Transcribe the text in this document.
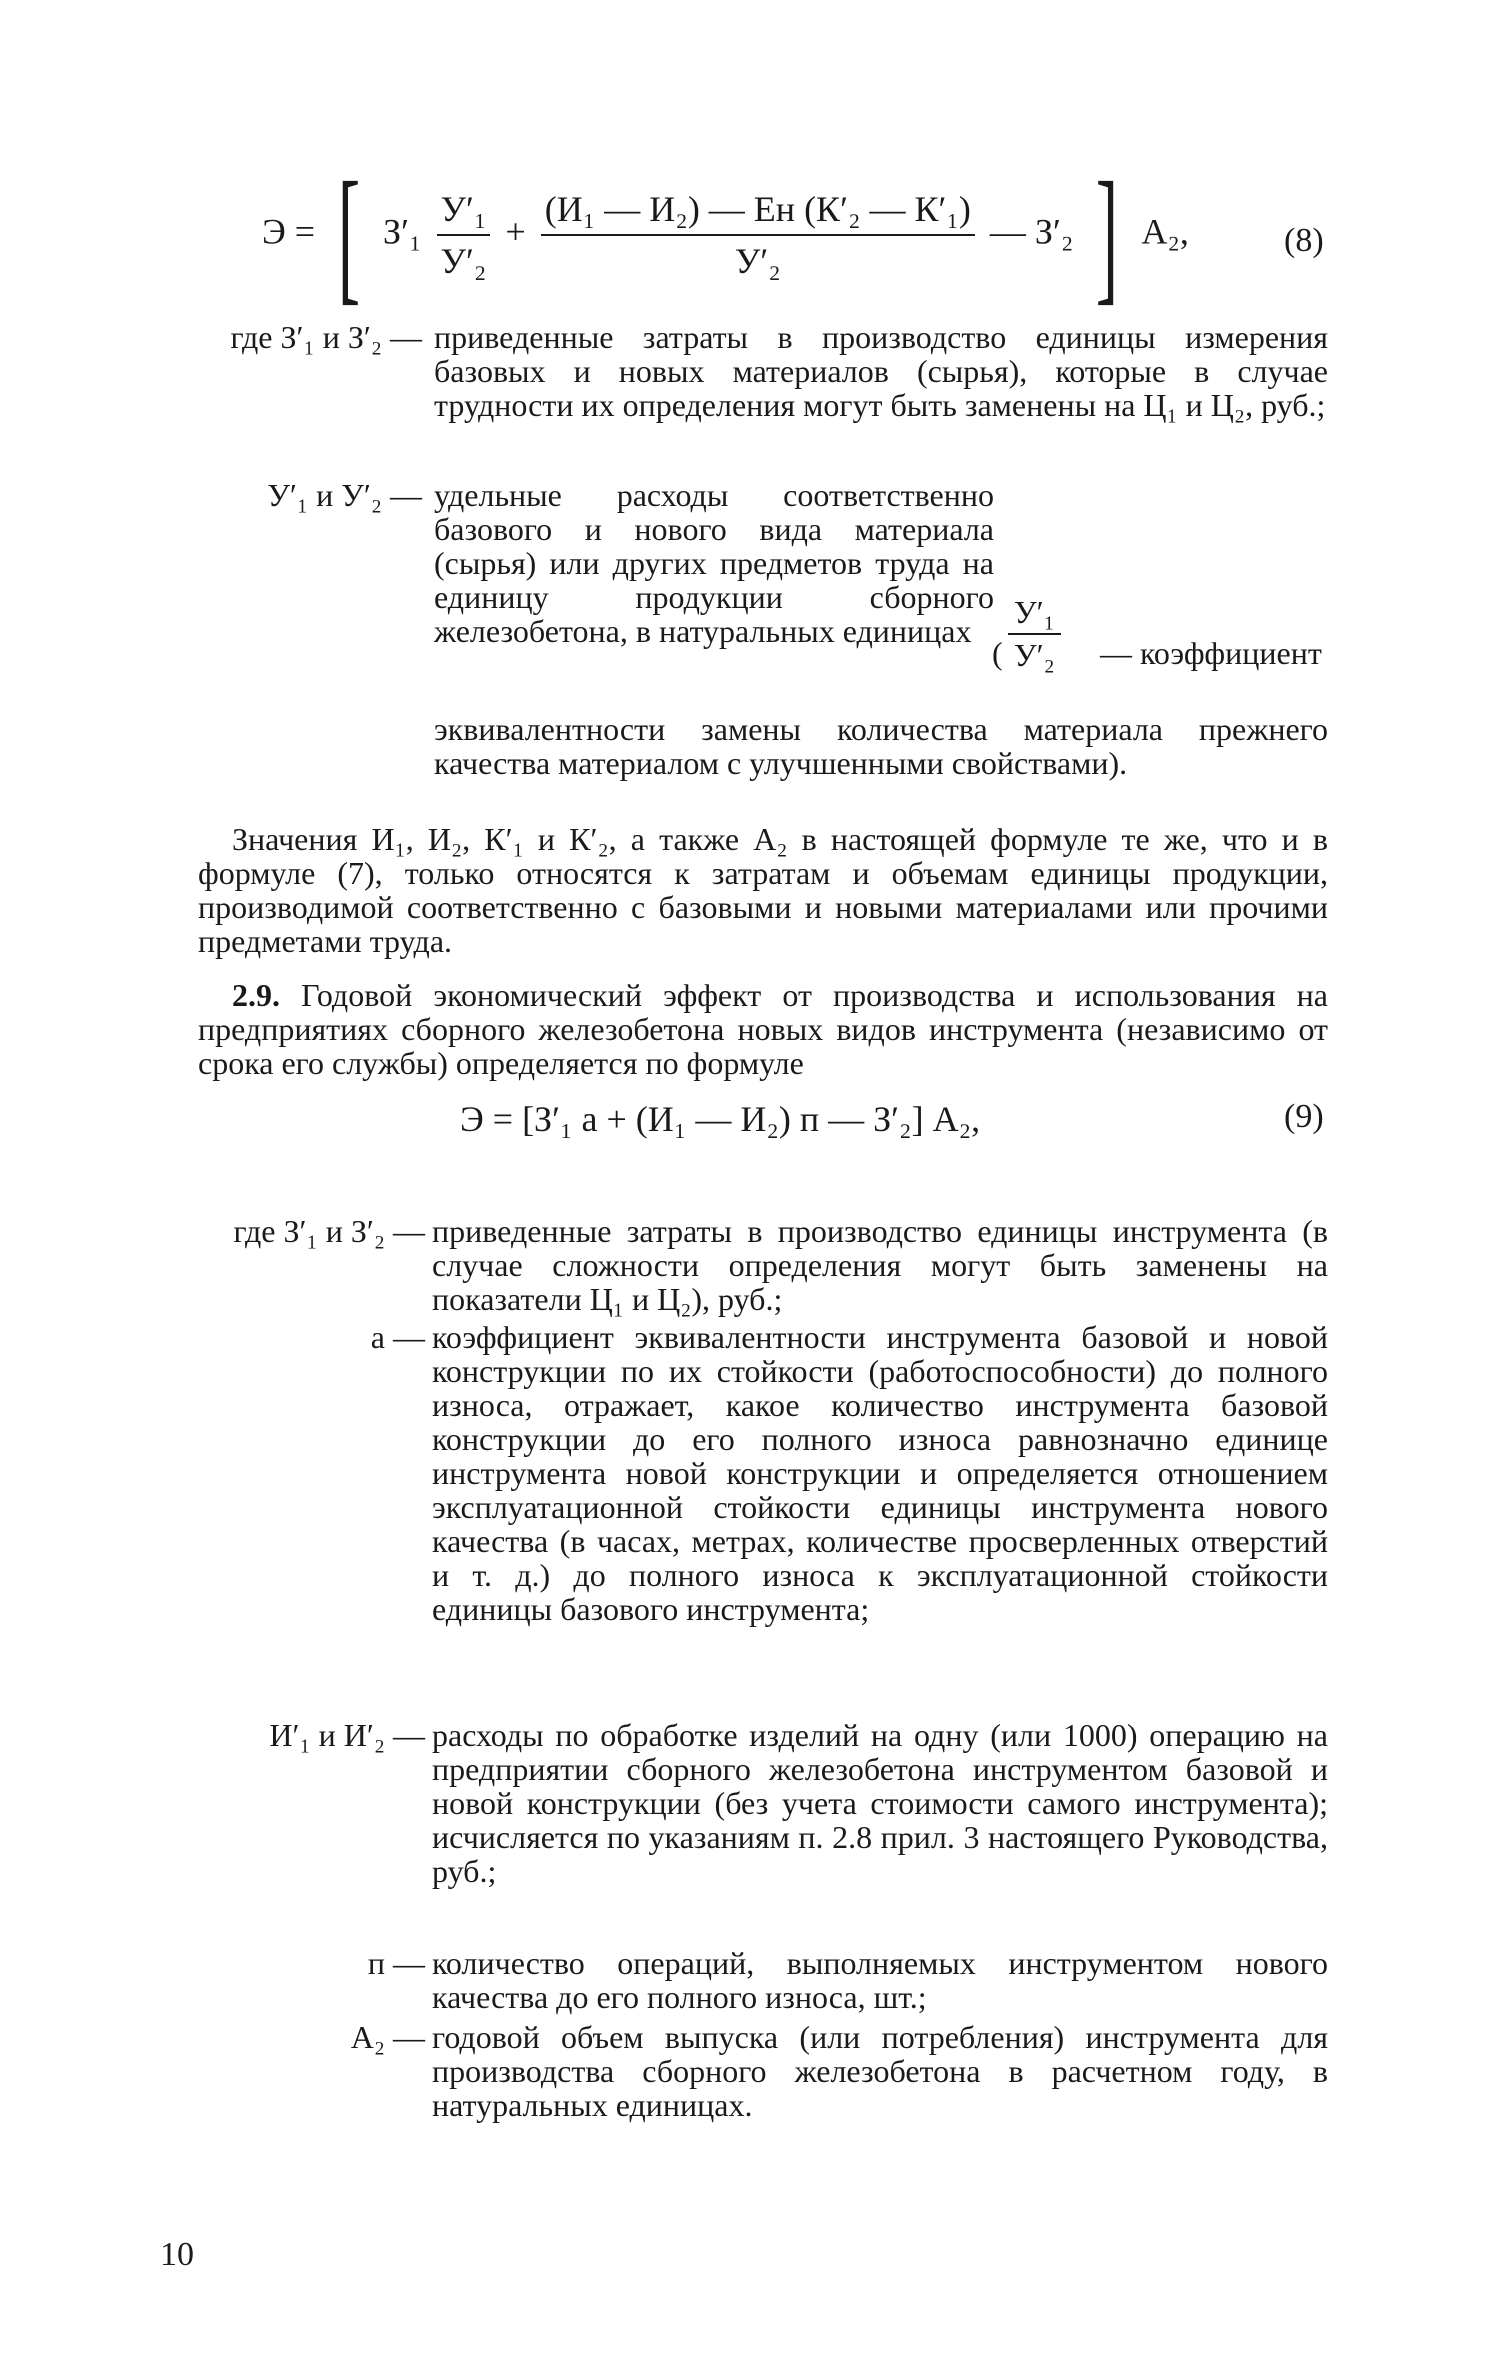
Э = [ $З'_1 \frac{\text{У′₁}}{\text{У′₂}} + \frac{\text{(И₁ — И₂) — Eн (К′₂ — К′₁)}}{\text{У′₂}}$ — З′₂ ] А₂,	(8)
где З′₁ и З′₂ — приведенные затраты в производство единицы измерения базовых и новых материалов (сырья), которые в случае трудности их определения могут быть заменены на Ц₁ и Ц₂, руб.;
У′₁ и У′₂ — удельные расходы соответственно базового и нового вида материала (сырья) или других предметов труда на единицу продукции сборного железобетона, в натуральных единицах
(
У′₁
У′₂ — коэффициент
эквивалентности замены количества материала прежнего качества материалом с улучшенными свойствами).
Значения И₁, И₂, К′₁ и К′₂, а также А₂ в настоящей формуле те же, что и в формуле (7), только относятся к затратам и объемам единицы продукции, производимой соответственно с базовыми и новыми материалами или прочими предметами труда.
2.9. Годовой экономический эффект от производства и использования на предприятиях сборного железобетона новых видов инструмента (независимо от срока его службы) определяется по формуле
Э = [З′₁ а + (И₁ — И₂) п — З′₂] А₂,	(9)
где З′₁ и З′₂ — приведенные затраты в производство единицы инструмента (в случае сложности определения могут быть заменены на показатели Ц₁ и Ц₂), руб.;
а — коэффициент эквивалентности инструмента базовой и новой конструкции по их стойкости (работоспособности) до полного износа, отражает, какое количество инструмента базовой конструкции до его полного износа равнозначно единице инструмента новой конструкции и определяется отношением эксплуатационной стойкости единицы инструмента нового качества (в часах, метрах, количестве просверленных отверстий и т. д.) до полного износа к эксплуатационной стойкости единицы базового инструмента;
И′₁ и И′₂ — расходы по обработке изделий на одну (или 1000) операцию на предприятии сборного железобетона инструментом базовой и новой конструкции (без учета стоимости самого инструмента); исчисляется по указаниям п. 2.8 прил. 3 настоящего Руководства, руб.;
п — количество операций, выполняемых инструментом нового качества до его полного износа, шт.;
А₂ — годовой объем выпуска (или потребления) инструмента для производства сборного железобетона в расчетном году, в натуральных единицах.
10
